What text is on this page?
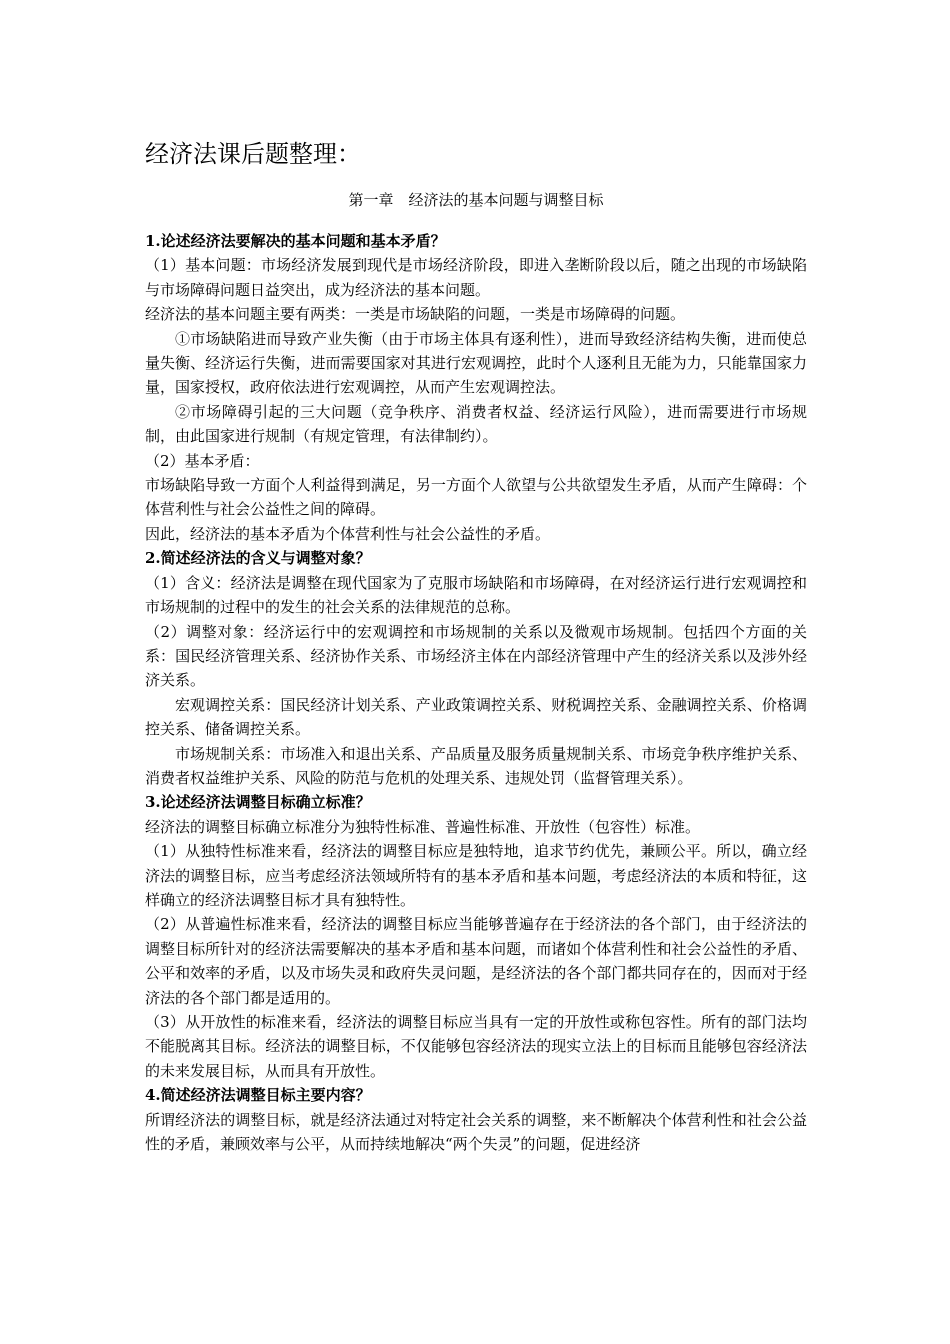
经济法课后题整理：
第一章　经济法的基本问题与调整目标
1.论述经济法要解决的基本问题和基本矛盾？
（1）基本问题：市场经济发展到现代是市场经济阶段，即进入垄断阶段以后，随之出现的市场缺陷与市场障碍问题日益突出，成为经济法的基本问题。
经济法的基本问题主要有两类：一类是市场缺陷的问题，一类是市场障碍的问题。
①市场缺陷进而导致产业失衡（由于市场主体具有逐利性），进而导致经济结构失衡，进而使总量失衡、经济运行失衡，进而需要国家对其进行宏观调控，此时个人逐利且无能为力，只能靠国家力量，国家授权，政府依法进行宏观调控，从而产生宏观调控法。
②市场障碍引起的三大问题（竞争秩序、消费者权益、经济运行风险），进而需要进行市场规制，由此国家进行规制（有规定管理，有法律制约）。
（2）基本矛盾：
市场缺陷导致一方面个人利益得到满足，另一方面个人欲望与公共欲望发生矛盾，从而产生障碍：个体营利性与社会公益性之间的障碍。
因此，经济法的基本矛盾为个体营利性与社会公益性的矛盾。
2.简述经济法的含义与调整对象？
（1）含义：经济法是调整在现代国家为了克服市场缺陷和市场障碍，在对经济运行进行宏观调控和市场规制的过程中的发生的社会关系的法律规范的总称。
（2）调整对象：经济运行中的宏观调控和市场规制的关系以及微观市场规制。包括四个方面的关系：国民经济管理关系、经济协作关系、市场经济主体在内部经济管理中产生的经济关系以及涉外经济关系。
宏观调控关系：国民经济计划关系、产业政策调控关系、财税调控关系、金融调控关系、价格调控关系、储备调控关系。
市场规制关系：市场准入和退出关系、产品质量及服务质量规制关系、市场竞争秩序维护关系、消费者权益维护关系、风险的防范与危机的处理关系、违规处罚（监督管理关系）。
3.论述经济法调整目标确立标准？
经济法的调整目标确立标准分为独特性标准、普遍性标准、开放性（包容性）标准。
（1）从独特性标准来看，经济法的调整目标应是独特地，追求节约优先，兼顾公平。所以，确立经济法的调整目标，应当考虑经济法领域所特有的基本矛盾和基本问题，考虑经济法的本质和特征，这样确立的经济法调整目标才具有独特性。
（2）从普遍性标准来看，经济法的调整目标应当能够普遍存在于经济法的各个部门，由于经济法的调整目标所针对的经济法需要解决的基本矛盾和基本问题，而诸如个体营利性和社会公益性的矛盾、公平和效率的矛盾，以及市场失灵和政府失灵问题，是经济法的各个部门都共同存在的，因而对于经济法的各个部门都是适用的。
（3）从开放性的标准来看，经济法的调整目标应当具有一定的开放性或称包容性。所有的部门法均不能脱离其目标。经济法的调整目标，不仅能够包容经济法的现实立法上的目标而且能够包容经济法的未来发展目标，从而具有开放性。
4.简述经济法调整目标主要内容？
所谓经济法的调整目标，就是经济法通过对特定社会关系的调整，来不断解决个体营利性和社会公益性的矛盾，兼顾效率与公平，从而持续地解决“两个失灵”的问题，促进经济
